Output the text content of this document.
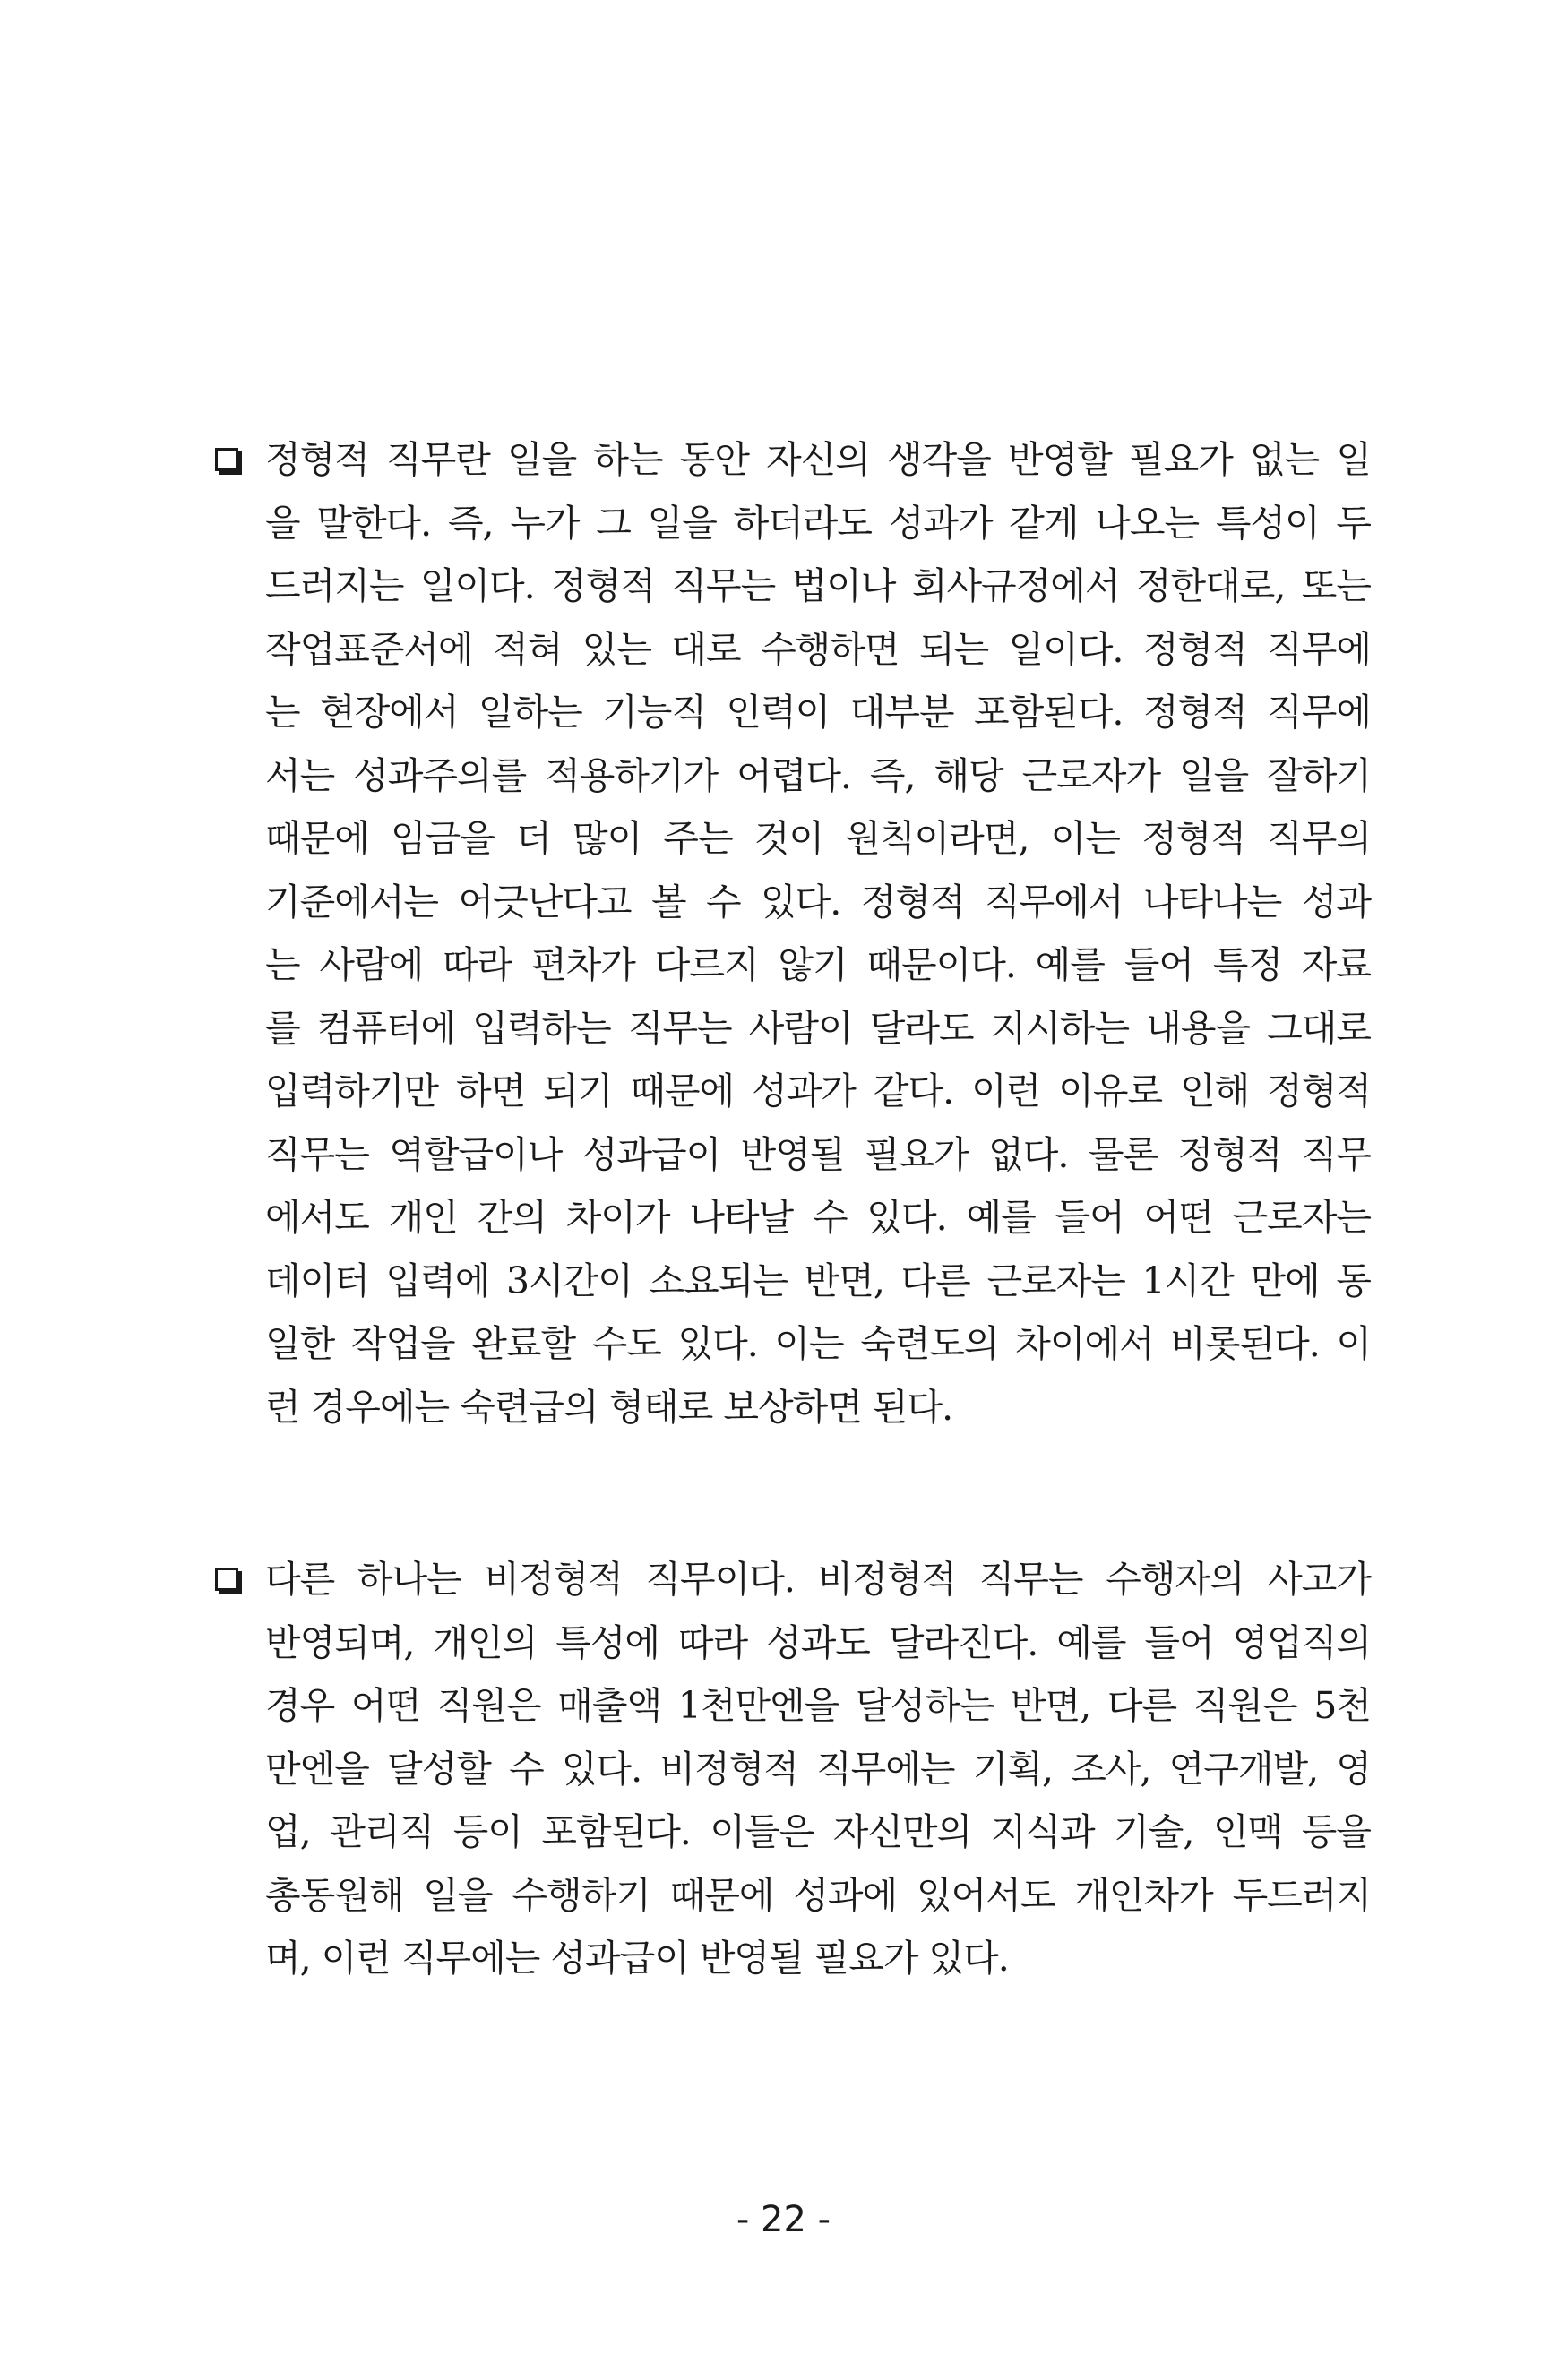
정형적 직무란 일을 하는 동안 자신의 생각을 반영할 필요가 없는 일
을 말한다. 즉, 누가 그 일을 하더라도 성과가 같게 나오는 특성이 두
드러지는 일이다. 정형적 직무는 법이나 회사규정에서 정한대로, 또는
작업표준서에 적혀 있는 대로 수행하면 되는 일이다. 정형적 직무에
는 현장에서 일하는 기능직 인력이 대부분 포함된다. 정형적 직무에
서는 성과주의를 적용하기가 어렵다. 즉, 해당 근로자가 일을 잘하기
때문에 임금을 더 많이 주는 것이 원칙이라면, 이는 정형적 직무의
기준에서는 어긋난다고 볼 수 있다. 정형적 직무에서 나타나는 성과
는 사람에 따라 편차가 다르지 않기 때문이다. 예를 들어 특정 자료
를 컴퓨터에 입력하는 직무는 사람이 달라도 지시하는 내용을 그대로
입력하기만 하면 되기 때문에 성과가 같다. 이런 이유로 인해 정형적
직무는 역할급이나 성과급이 반영될 필요가 없다. 물론 정형적 직무
에서도 개인 간의 차이가 나타날 수 있다. 예를 들어 어떤 근로자는
데이터 입력에 3시간이 소요되는 반면, 다른 근로자는 1시간 만에 동
일한 작업을 완료할 수도 있다. 이는 숙련도의 차이에서 비롯된다. 이
런 경우에는 숙련급의 형태로 보상하면 된다.
다른 하나는 비정형적 직무이다. 비정형적 직무는 수행자의 사고가
반영되며, 개인의 특성에 따라 성과도 달라진다. 예를 들어 영업직의
경우 어떤 직원은 매출액 1천만엔을 달성하는 반면, 다른 직원은 5천
만엔을 달성할 수 있다. 비정형적 직무에는 기획, 조사, 연구개발, 영
업, 관리직 등이 포함된다. 이들은 자신만의 지식과 기술, 인맥 등을
총동원해 일을 수행하기 때문에 성과에 있어서도 개인차가 두드러지
며, 이런 직무에는 성과급이 반영될 필요가 있다.
- 22 -
